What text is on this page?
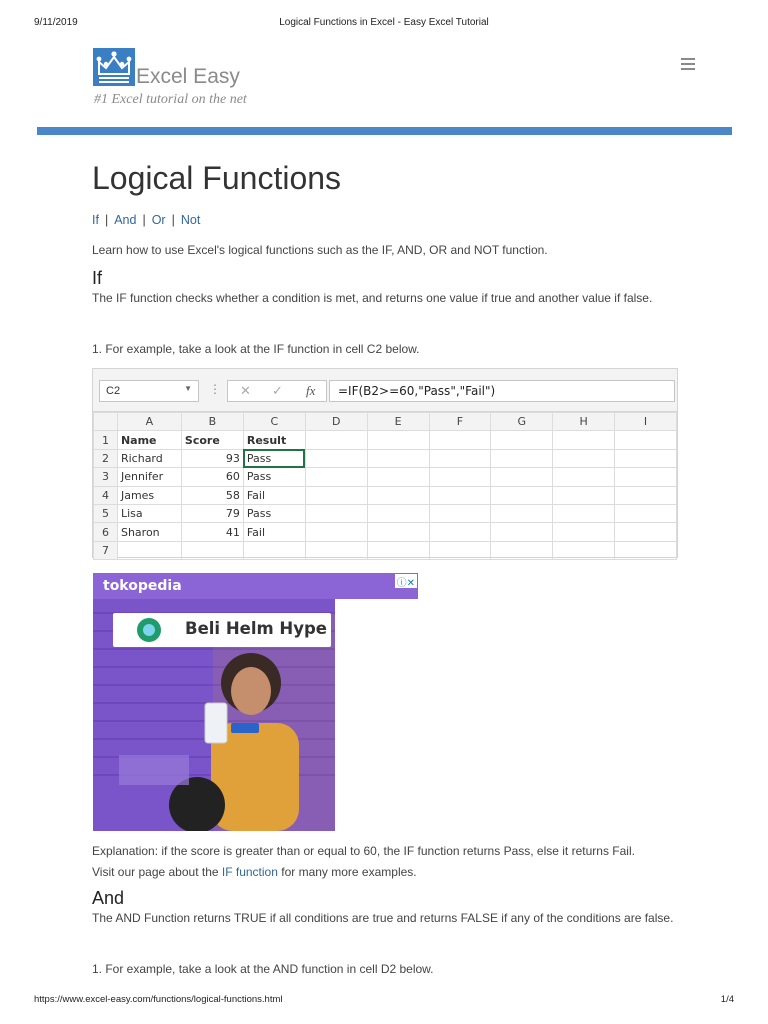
9/11/2019	Logical Functions in Excel - Easy Excel Tutorial
Excel Easy
#1 Excel tutorial on the net
Logical Functions
If | And | Or | Not

Learn how to use Excel's logical functions such as the IF, AND, OR and NOT function.

If

The IF function checks whether a condition is met, and returns one value if true and another value if false.

1. For example, take a look at the IF function in cell C2 below.

C2	▼ ⋮ ✕ ✓ fx	=IF(B2>=60,"Pass","Fail")
	A	B	C	D	E	F	G	H	I
1	Name	Score	Result						
2	Richard	93	Pass						
3	Jennifer	60	Pass						
4	James	58	Fail						
5	Lisa	79	Pass						
6	Sharon	41	Fail						
7									
tokopedia	ⓘ✕
Beli Helm Hype

Explanation: if the score is greater than or equal to 60, the IF function returns Pass, else it returns Fail.

Visit our page about the IF function for many more examples.

And

The AND Function returns TRUE if all conditions are true and returns FALSE if any of the conditions are false.

1. For example, take a look at the AND function in cell D2 below.

https://www.excel-easy.com/functions/logical-functions.html	1/4
